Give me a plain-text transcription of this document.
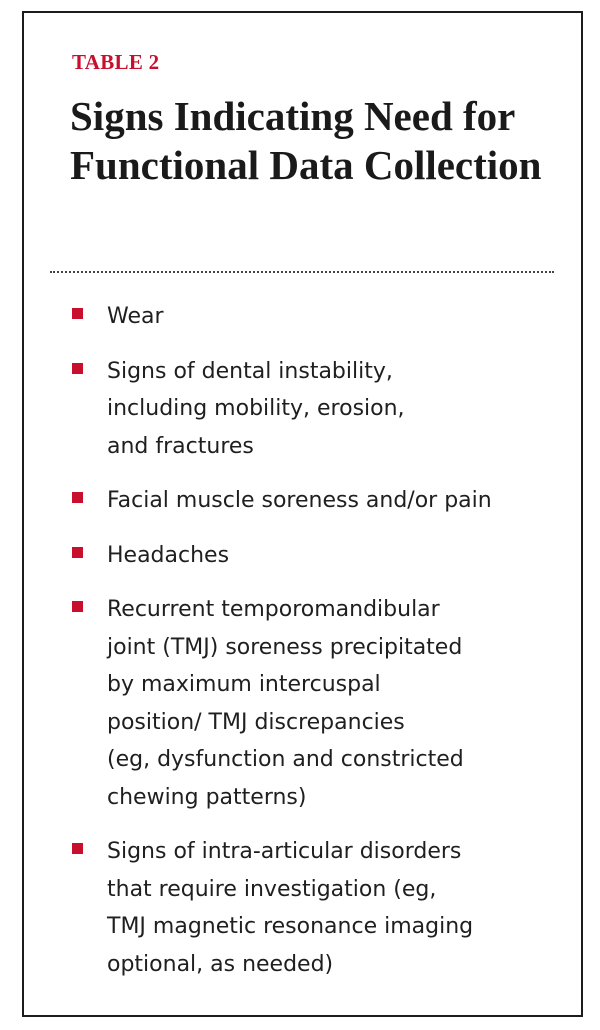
TABLE 2
Signs Indicating Need for Functional Data Collection
Wear
Signs of dental instability,
including mobility, erosion,
and fractures
Facial muscle soreness and/or pain
Headaches
Recurrent temporomandibular
joint (TMJ) soreness precipitated
by maximum intercuspal
position/ TMJ discrepancies
(eg, dysfunction and constricted
chewing patterns)
Signs of intra-articular disorders
that require investigation (eg,
TMJ magnetic resonance imaging
optional, as needed)
